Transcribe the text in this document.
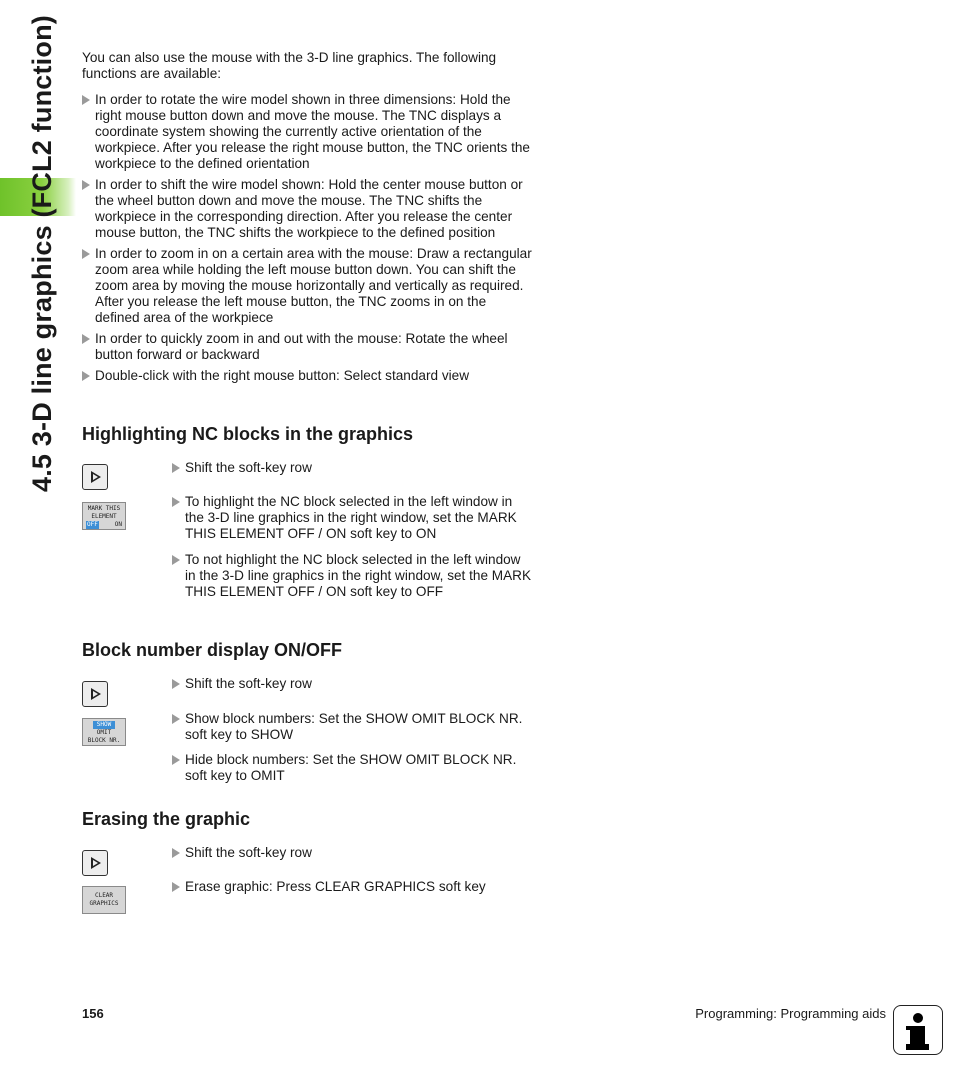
4.5 3-D line graphics (FCL2 function)	You can also use the mouse with the 3-D line graphics. The following functions are available:

In order to rotate the wire model shown in three dimensions: Hold the right mouse button down and move the mouse. The TNC displays a coordinate system showing the currently active orientation of the workpiece. After you release the right mouse button, the TNC orients the workpiece to the defined orientation
In order to shift the wire model shown: Hold the center mouse button or the wheel button down and move the mouse. The TNC shifts the workpiece in the corresponding direction. After you release the center mouse button, the TNC shifts the workpiece to the defined position
In order to zoom in on a certain area with the mouse: Draw a rectangular zoom area while holding the left mouse button down. You can shift the zoom area by moving the mouse horizontally and vertically as required. After you release the left mouse button, the TNC zooms in on the defined area of the workpiece
In order to quickly zoom in and out with the mouse: Rotate the wheel button forward or backward
Double-click with the right mouse button: Select standard view
Highlighting NC blocks in the graphics
MARK THIS
ELEMENT
OFF	ON
Shift the soft-key row
To highlight the NC block selected in the left window in the 3-D line graphics in the right window, set the MARK THIS ELEMENT OFF / ON soft key to ON
To not highlight the NC block selected in the left window in the 3-D line graphics in the right window, set the MARK THIS ELEMENT OFF / ON soft key to OFF
Block number display ON/OFF
SHOW
OMIT
BLOCK NR.
Shift the soft-key row
Show block numbers: Set the SHOW OMIT BLOCK NR. soft key to SHOW
Hide block numbers: Set the SHOW OMIT BLOCK NR. soft key to OMIT
Erasing the graphic
CLEAR
GRAPHICS
Shift the soft-key row
Erase graphic: Press CLEAR GRAPHICS soft key
156	Programming: Programming aids
